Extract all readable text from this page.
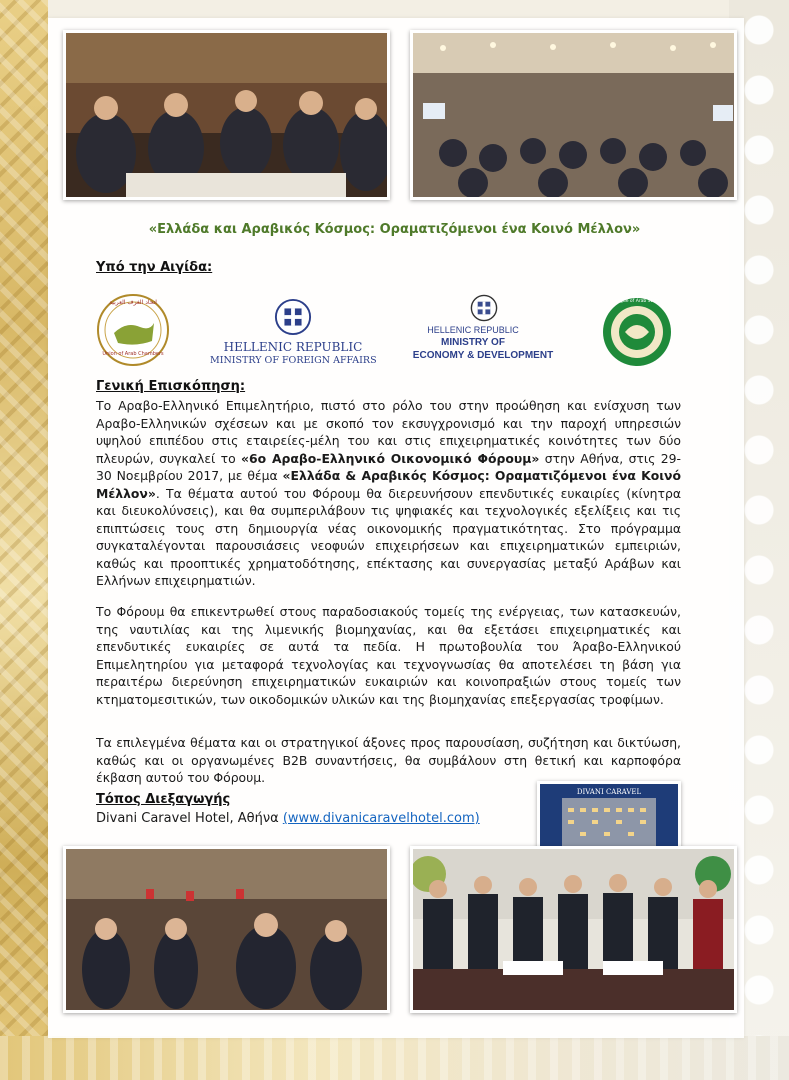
«Ελλάδα και Αραβικός Κόσμος: Οραματιζόμενοι ένα Κοινό Μέλλον»
Υπό την Αιγίδα:
اتحاد الغرف العربية
Union of Arab Chambers	HELLENIC REPUBLIC
MINISTRY OF FOREIGN AFFAIRS
HELLENIC REPUBLIC
MINISTRY OF
ECONOMY & DEVELOPMENT
League of Arab States
Γενική Επισκόπηση:

Το Αραβο-Ελληνικό Επιμελητήριο, πιστό στο ρόλο του στην προώθηση και ενίσχυση των Αραβο-Ελληνικών σχέσεων και με σκοπό τον εκσυγχρονισμό και την παροχή υπηρεσιών υψηλού επιπέδου στις εταιρείες-μέλη του και στις επιχειρηματικές κοινότητες των δύο πλευρών, συγκαλεί το «6ο Αραβο-Ελληνικό Οικονομικό Φόρουμ» στην Αθήνα, στις 29-30 Νοεμβρίου 2017, με θέμα «Ελλάδα & Αραβικός Κόσμος: Οραματιζόμενοι ένα Κοινό Μέλλον». Τα θέματα αυτού του Φόρουμ θα διερευνήσουν επενδυτικές ευκαιρίες (κίνητρα και διευκολύνσεις), και θα συμπεριλάβουν τις ψηφιακές και τεχνολογικές εξελίξεις και τις επιπτώσεις τους στη δημιουργία νέας οικονομικής πραγματικότητας. Στο πρόγραμμα συγκαταλέγονται παρουσιάσεις νεοφυών επιχειρήσεων και επιχειρηματικών εμπειριών, καθώς και προοπτικές χρηματοδότησης, επέκτασης και συνεργασίας μεταξύ Αράβων και Ελλήνων επιχειρηματιών.

Το Φόρουμ θα επικεντρωθεί στους παραδοσιακούς τομείς της ενέργειας, των κατασκευών, της ναυτιλίας και της λιμενικής βιομηχανίας, και θα εξετάσει επιχειρηματικές και επενδυτικές ευκαιρίες σε αυτά τα πεδία. Η πρωτοβουλία του Άραβο-Ελληνικού Επιμελητηρίου για μεταφορά τεχνολογίας και τεχνογνωσίας θα αποτελέσει τη βάση για περαιτέρω διερεύνηση επιχειρηματικών ευκαιριών και κοινοπραξιών στους τομείς των κτηματομεσιτικών, των οικοδομικών υλικών και της βιομηχανίας επεξεργασίας τροφίμων.

Τα επιλεγμένα θέματα και οι στρατηγικοί άξονες προς παρουσίαση, συζήτηση και δικτύωση, καθώς και οι οργανωμένες B2B συναντήσεις, θα συμβάλουν στη θετική και καρποφόρα έκβαση αυτού του Φόρουμ.

Τόπος Διεξαγωγής
Divani Caravel Hotel, Αθήνα (www.divanicaravelhotel.com)
DIVANI CARAVEL
